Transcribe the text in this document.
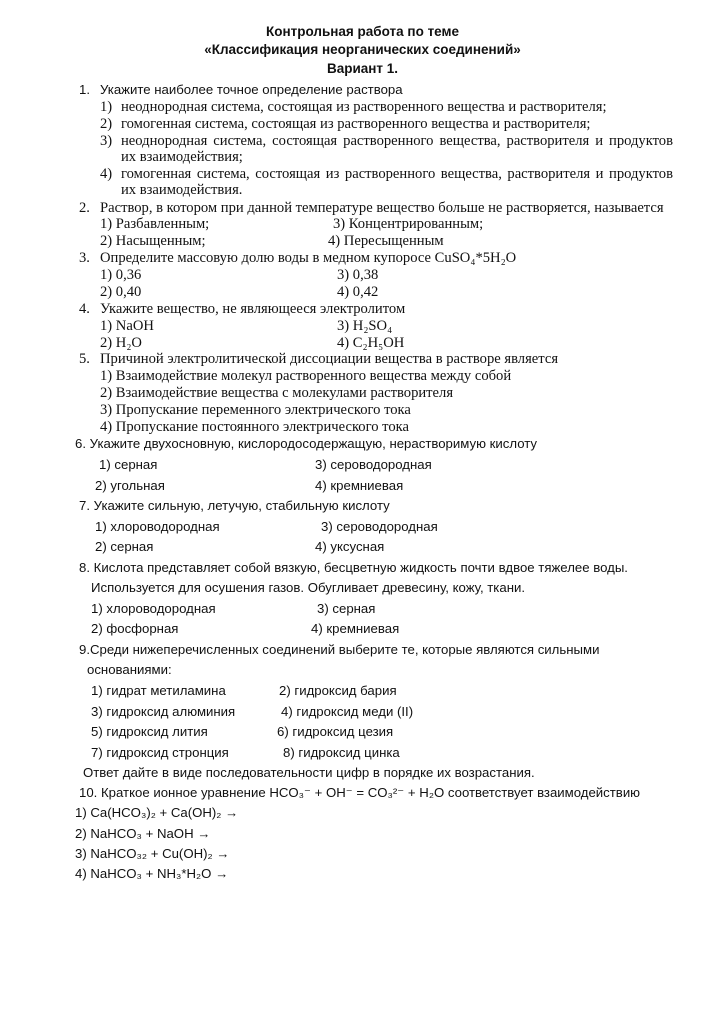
Контрольная работа по теме
«Классификация неорганических соединений»
Вариант 1.
1. Укажите наиболее точное определение раствора
1) неоднородная система, состоящая из растворенного вещества и растворителя;
2) гомогенная система, состоящая из растворенного вещества и растворителя;
3) неоднородная система, состоящая растворенного вещества, растворителя и продуктов
их взаимодействия;
4) гомогенная система, состоящая из растворенного вещества, растворителя и продуктов
их взаимодействия.
2. Раствор, в котором при данной температуре вещество больше не растворяется, называется
1) Разбавленным;	3) Концентрированным;
2) Насыщенным;	4) Пересыщенным
3. Определите массовую долю воды в медном купоросе CuSO₄*5H₂O
1) 0,36	3) 0,38
2) 0,40	4) 0,42
4. Укажите вещество, не являющееся электролитом
1) NaOH	3) H₂SO₄
2) H₂O	4) C₂H₅OH
5. Причиной электролитической диссоциации вещества в растворе является
1) Взаимодействие молекул растворенного вещества между собой
2) Взаимодействие вещества с молекулами растворителя
3) Пропускание переменного электрического тока
4) Пропускание постоянного электрического тока
6. Укажите двухосновную, кислородосодержащую, нерастворимую кислоту
1) серная	3) сероводородная
2) угольная	4) кремниевая
7. Укажите сильную, летучую, стабильную кислоту
1) хлороводородная	3) сероводородная
2) серная	4) уксусная
8. Кислота представляет собой вязкую, бесцветную жидкость почти вдвое тяжелее воды.
Используется для осушения газов. Обугливает древесину, кожу, ткани.
1) хлороводородная	3) серная
2) фосфорная	4) кремниевая
9.Среди нижеперечисленных соединений выберите те, которые являются сильными
основаниями:
1) гидрат метиламина	2) гидроксид бария
3) гидроксид алюминия	4) гидроксид меди (II)
5) гидроксид лития	6) гидроксид цезия
7) гидроксид стронция	8) гидроксид цинка
Ответ дайте в виде последовательности цифр в порядке их возрастания.
10. Краткое ионное уравнение HCO₃⁻ + OH⁻ = CO₃²⁻ + H₂O соответствует взаимодействию
1) Ca(HCO₃)₂ + Ca(OH)₂ →
2) NaHCO₃ + NaOH →
3) NaHCO₃₂ + Cu(OH)₂ →
4) NaHCO₃ + NH₃*H₂O →
